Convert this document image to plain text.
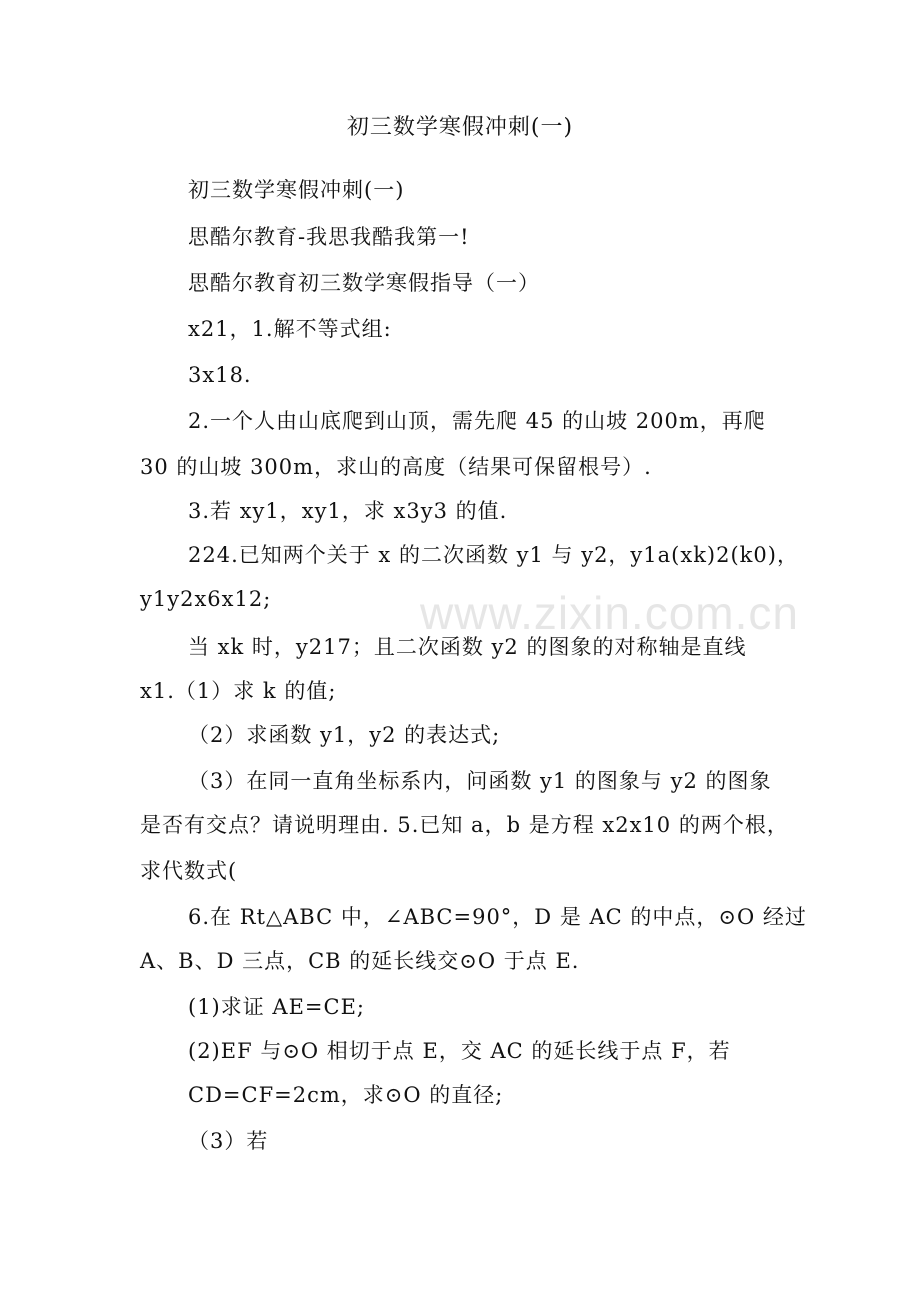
www.zixin.com.cn
初三数学寒假冲刺(一)
初三数学寒假冲刺(一)
思酷尔教育-我思我酷我第一!
思酷尔教育初三数学寒假指导（一）
x21，1.解不等式组:
3x18.
2.一个人由山底爬到山顶，需先爬 45 的山坡 200m，再爬
30 的山坡 300m，求山的高度（结果可保留根号）.
3.若 xy1，xy1，求 x3y3 的值.
224.已知两个关于 x 的二次函数 y1 与 y2，y1a(xk)2(k0)，
y1y2x6x12;
当 xk 时，y217；且二次函数 y2 的图象的对称轴是直线
x1.（1）求 k 的值;
（2）求函数 y1，y2 的表达式;
（3）在同一直角坐标系内，问函数 y1 的图象与 y2 的图象
是否有交点？请说明理由. 5.已知 a，b 是方程 x2x10 的两个根，
求代数式(
6.在 Rt△ABC 中，∠ABC=90°，D 是 AC 的中点，⊙O 经过
A、B、D 三点，CB 的延长线交⊙O 于点 E.
(1)求证 AE=CE;
(2)EF 与⊙O 相切于点 E，交 AC 的延长线于点 F，若
CD=CF=2cm，求⊙O 的直径;
（3）若
